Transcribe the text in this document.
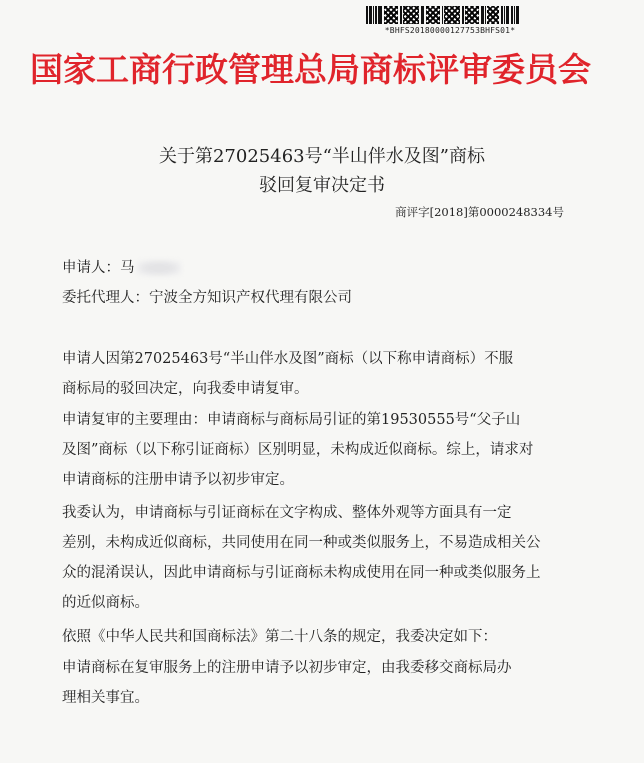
*BHFS20180000127753BHFS01*
国家工商行政管理总局商标评审委员会
关于第27025463号“半山伴水及图”商标
驳回复审决定书
商评字[2018]第0000248334号
申请人：马
委托代理人：宁波全方知识产权代理有限公司
申请人因第27025463号“半山伴水及图”商标（以下称申请商标）不服
商标局的驳回决定，向我委申请复审。
申请复审的主要理由：申请商标与商标局引证的第19530555号“父子山
及图”商标（以下称引证商标）区别明显，未构成近似商标。综上，请求对
申请商标的注册申请予以初步审定。
我委认为，申请商标与引证商标在文字构成、整体外观等方面具有一定
差别，未构成近似商标，共同使用在同一种或类似服务上，不易造成相关公
众的混淆误认，因此申请商标与引证商标未构成使用在同一种或类似服务上
的近似商标。
依照《中华人民共和国商标法》第二十八条的规定，我委决定如下：
申请商标在复审服务上的注册申请予以初步审定，由我委移交商标局办
理相关事宜。
